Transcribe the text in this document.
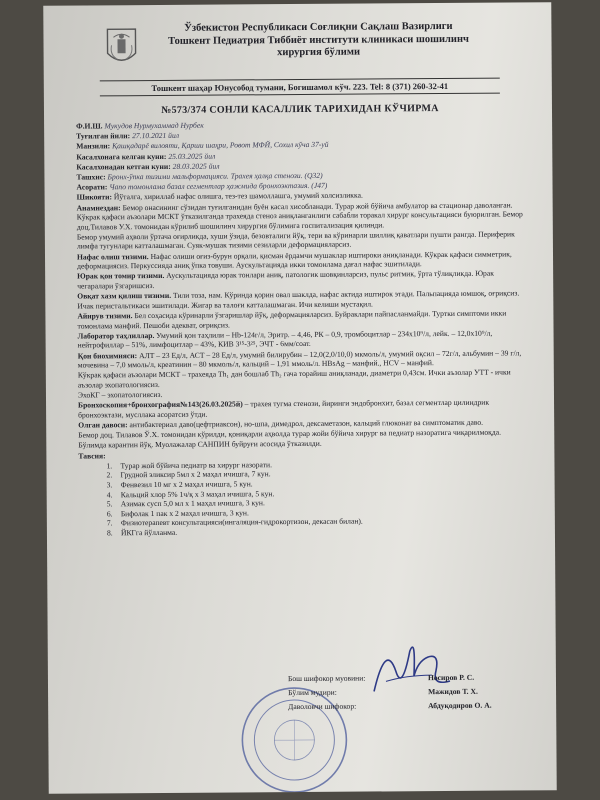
Ўзбекистон Республикаси Соғлиқни Сақлаш Вазирлиги
Тошкент Педиатрия Тиббиёт институти клиникаси шошилинч хирургия бўлими
Тошкент шаҳар Юнусобод тумани, Богишамол кўч. 223. Tel: 8 (371) 260-32-41
№573/374 СОНЛИ КАСАЛЛИК ТАРИХИДАН КЎЧИРМА

Ф.И.Ш. Мукудов Нурмухаммад Нурбек

Туғилган йили: 27.10.2021 йил

Манзили: Қашқадарё вилояти, Қарши шаҳри, Ровот МФЙ, Сохил кўча 37-уй

Касалхонага келган куни: 25.03.2025 йил

Касалхонадан кетган куни: 28.03.2025 йил

Ташхис: Бронх-ўпка тизими мальформацияси. Трахея ҳалқа стенози. (Q32)

Асорати: Чапо томонлама базал сегментлар ҳажмида бронхоэктазия. (J47)

Шикояти: Йўталга, хириллаб нафас олишга, тез-тез шамоллашга, умумий холсизликка.

Анамнездан: Бемор онасининг сўзидан туғилганидан буён касал хисобланади. Турар жой бўйича амбулатор ва стационар даволанган. Кўкрак қафаси аъзолари МСКТ ўтказилганда трахеяда стеноз аниқланганлиги сабабли торакал хирург консультацияси буюрилган. Бемор доц.Тилавов У.Х. томонидан кўрилиб шошилинч хирургия бўлимига госпитализация қилинди.

Бемор умумий аҳволи ўртача оғирликда, хуши ўзида, безовталиги йўқ, тери ва кўринарли шиллиқ қаватлари пушти рангда. Периферик лимфа тугунлари катталашмаган. Суяк-мушак тизими сезиларли деформацияларсиз.

Нафас олиш тизими. Нафас олиши оғиз-бурун орқали, қисман ёрдамчи мушаклар иштироки аниқланади. Кўкрак қафаси симметрик, деформациясиз. Перкуссияда аниқ ўпка товуши. Аускультацияда икки томонлама дағал нафас эшитилади.

Юрак қон томир тизими. Аускультацияда юрак тонлари аниқ, патологик шовқинларсиз, пульс ритмик, ўрта тўлиқликда. Юрак чегаралари ўзгаришсиз.

Овқат хазм қилиш тизими. Тили тоза, нам. Кўринда қорин овал шаклда, нафас актида иштирок этади. Пальпацияда юмшоқ, оғриқсиз. Ичак перистальтикаси эшитилади. Жигар ва талоғи катталашмаган. Ичи келиши мустақил.

Айирув тизими. Бел соҳасида кўринарли ўзгаришлар йўқ, деформацияларсиз. Буйраклари пайпасланмайди. Туртки симптоми икки томонлама манфий. Пешоби адекват, оғриқсиз.

Лаборатор таҳлиллар. Умумий қон таҳлили – Hb-124г/л, Эритр. – 4,46, РК – 0,9, тромбоцитлар – 234х10⁹/л, лейк. – 12,0х10⁹/л, нейтрофиллар – 51%, лимфоцитлар – 43%, КИВ 3¹⁵-3²⁵, ЭЧТ - 6мм/соат.

Қон биохимияси: АЛТ – 23 Ед/л, АСТ – 28 Ед/л, умумий билирубин – 12,0(2,0/10,0) мкмоль/л, умумий оқсил – 72г/л, альбумин – 39 г/л, мочевина – 7,0 ммоль/л, креатинин – 80 мкмоль/л, кальций – 1,91 ммоль/л. HBsAg – манфий., HCV – манфий.

Кўкрак қафаси аъзолари МСКТ – трахеяда Th₁ дан бошлаб Th₂ гача торайиш аниқланади, диаметри 0,43см. Ички аъзолар УТТ - ички аъзолар эхопатологиясиз.

ЭхоКГ – эхопатологиясиз.

Бронхоскопия+бронхография№143(26.03.2025й) – трахея тугма стенози, йиринги эндобронхит, базал сегментлар цилиндрик бронхоэктази, мусллака асоратсиз ўтди.

Олган давоси: антибактериал даво(цефтриаксон), но-шпа, димедрол, дексаметазон, кальций глюконат ва симптоматик даво.

Бемор доц. Тилавов Ў.Х. томонидан кўрилди, қониқарли аҳволда турар жойи бўйича хирург ва педиатр назоратига чиқарилмоқда.

Бўлимда карантин йўқ. Муолажалар САНПИН буйруғи асосида ўтказилди.

Тавсия:

1. Турар жой бўйича педиатр ва хирург назорати.
2. Грудной эликсир 5мл х 2 маҳал ичишга, 7 кун.
3. Фенвезил 10 мг х 2 маҳал ичишга, 5 кун.
4. Кальций хлор 5% 1ч/қ х 3 маҳал ичишга, 5 кун.
5. Азимак суcп 5,0 мл х 1 маҳал ичишга, 3 кун.
6. Бифолак 1 пак х 2 маҳал ичишга, 3 кун.
7. Физиотерапевт консультацияси(ингаляция-гидрокортизон, декасан билан).
8. ЙКГга йўлланма.
Бош шифокор муовини:
Бўлим мудири:
Даволовчи шифокор:
Носиров Р. С.
Мажидов Т. Х.
Абдуқодиров О. А.
